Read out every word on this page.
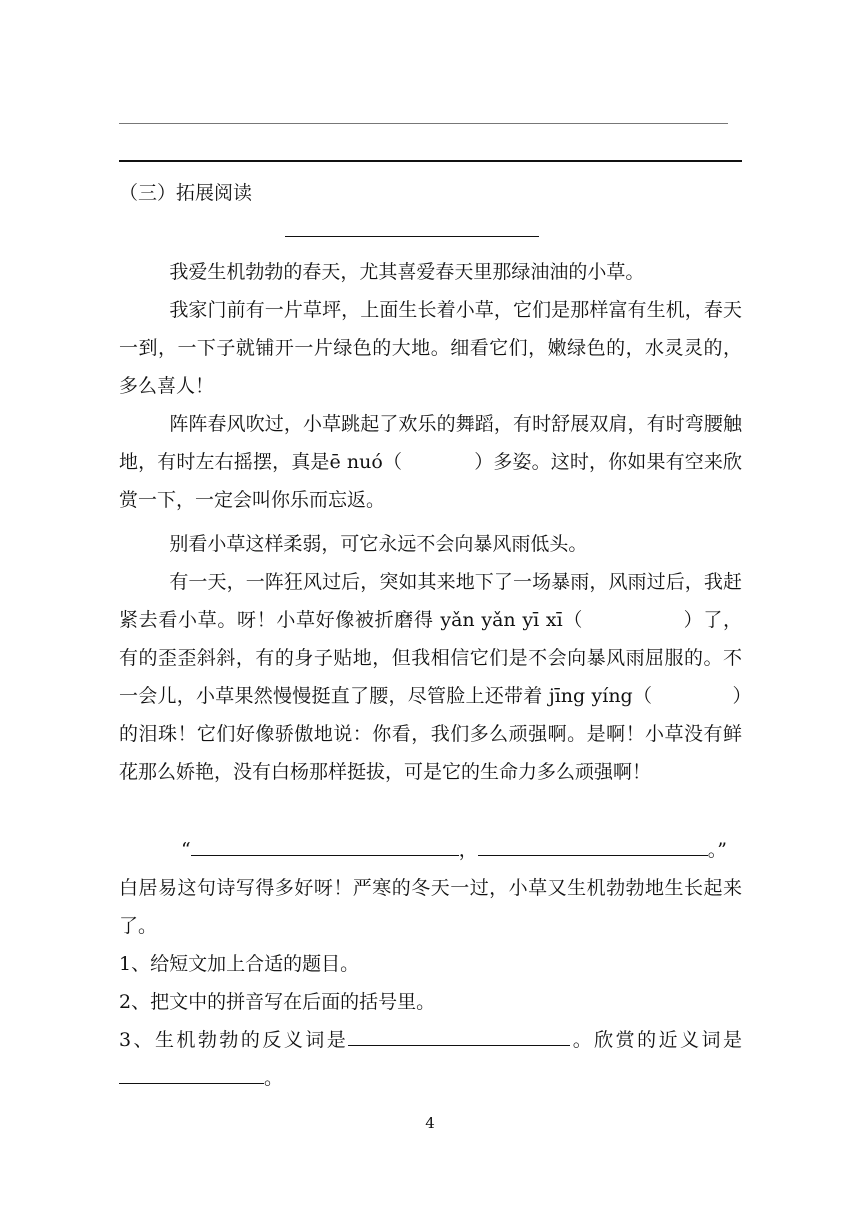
（三）拓展阅读
我爱生机勃勃的春天，尤其喜爱春天里那绿油油的小草。
我家门前有一片草坪，上面生长着小草，它们是那样富有生机，春天一到，一下子就铺开一片绿色的大地。细看它们，嫩绿色的，水灵灵的，多么喜人！
阵阵春风吹过，小草跳起了欢乐的舞蹈，有时舒展双肩，有时弯腰触地，有时左右摇摆，真是ē nuó（	）多姿。这时，你如果有空来欣赏一下，一定会叫你乐而忘返。
别看小草这样柔弱，可它永远不会向暴风雨低头。
有一天，一阵狂风过后，突如其来地下了一场暴雨，风雨过后，我赶紧去看小草。呀！小草好像被折磨得 yǎn yǎn yī xī（	）了，有的歪歪斜斜，有的身子贴地，但我相信它们是不会向暴风雨屈服的。不一会儿，小草果然慢慢挺直了腰，尽管脸上还带着 jīng yíng（	）的泪珠！它们好像骄傲地说：你看，我们多么顽强啊。是啊！小草没有鲜花那么娇艳，没有白杨那样挺拔，可是它的生命力多么顽强啊！
“	，	。”
白居易这句诗写得多好呀！严寒的冬天一过，小草又生机勃勃地生长起来了。
1、给短文加上合适的题目。
2、把文中的拼音写在后面的括号里。
3、生机勃勃的反义词是	。欣赏的近义词是。
4
